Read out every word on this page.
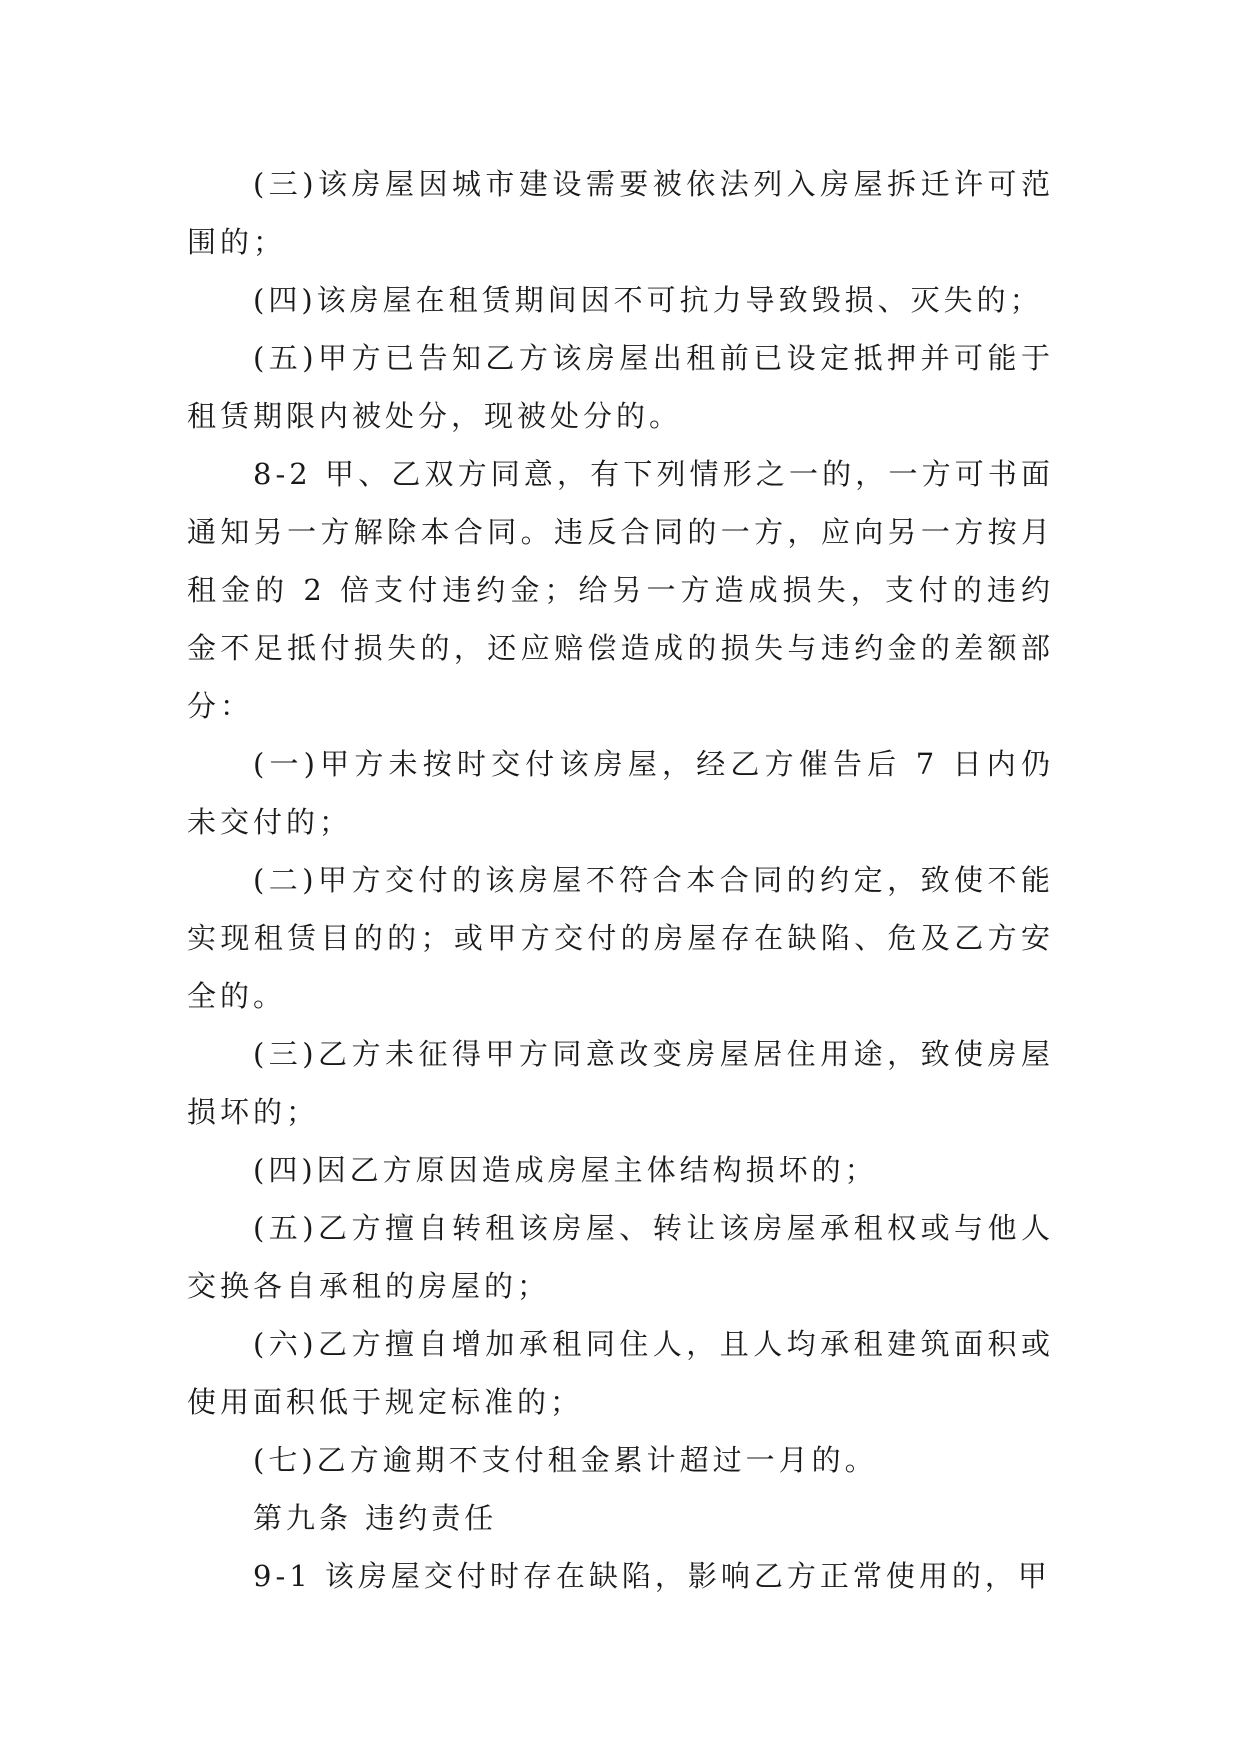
(三)该房屋因城市建设需要被依法列入房屋拆迁许可范围的；

(四)该房屋在租赁期间因不可抗力导致毁损、灭失的；

(五)甲方已告知乙方该房屋出租前已设定抵押并可能于租赁期限内被处分，现被处分的。

8-2 甲、乙双方同意，有下列情形之一的，一方可书面通知另一方解除本合同。违反合同的一方，应向另一方按月租金的 2 倍支付违约金；给另一方造成损失，支付的违约金不足抵付损失的，还应赔偿造成的损失与违约金的差额部分：

(一)甲方未按时交付该房屋，经乙方催告后 7 日内仍未交付的；

(二)甲方交付的该房屋不符合本合同的约定，致使不能实现租赁目的的；或甲方交付的房屋存在缺陷、危及乙方安全的。

(三)乙方未征得甲方同意改变房屋居住用途，致使房屋损坏的；

(四)因乙方原因造成房屋主体结构损坏的；

(五)乙方擅自转租该房屋、转让该房屋承租权或与他人交换各自承租的房屋的；

(六)乙方擅自增加承租同住人，且人均承租建筑面积或使用面积低于规定标准的；

(七)乙方逾期不支付租金累计超过一月的。

第九条 违约责任

9-1 该房屋交付时存在缺陷，影响乙方正常使用的，甲
